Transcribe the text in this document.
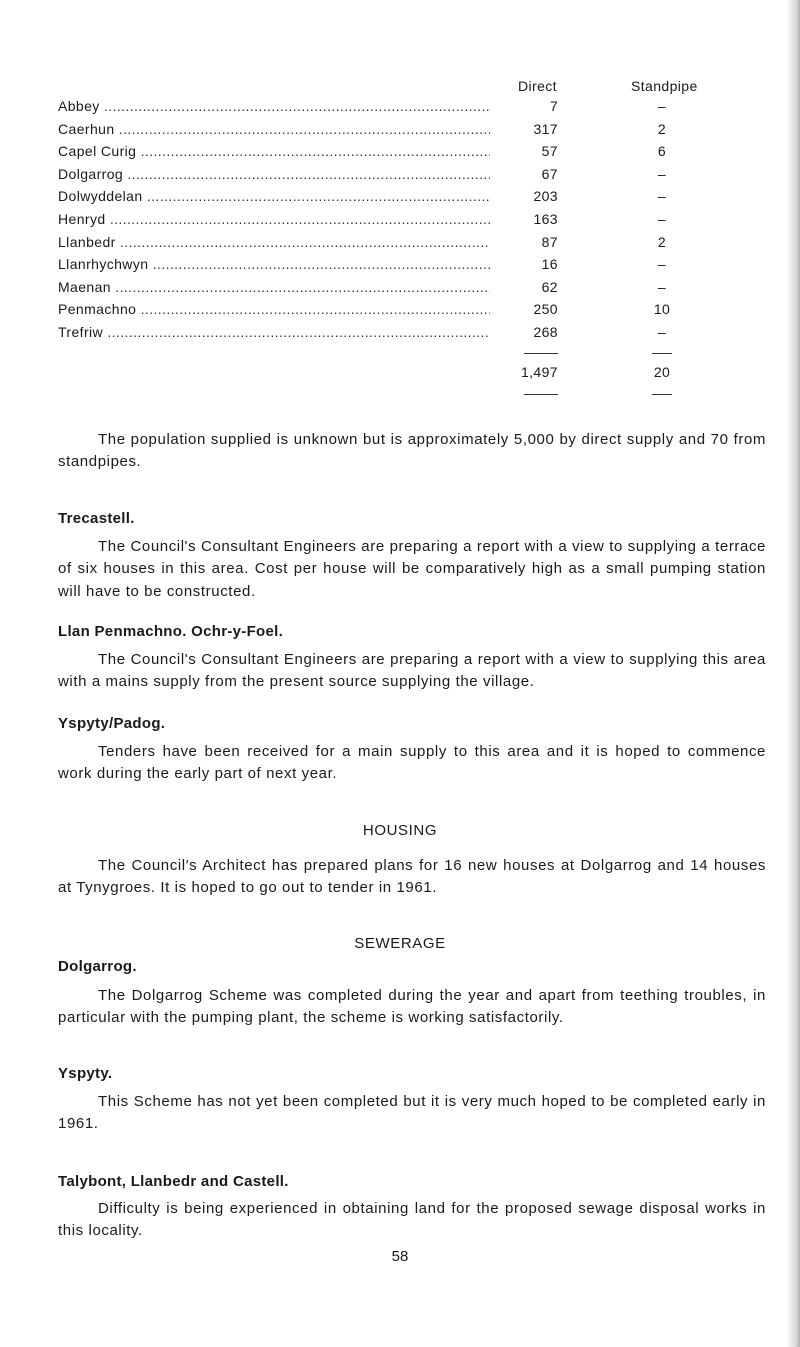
Direct	Standpipe
Abbey .....	7	–
Caerhun .....	317	2
Capel Curig .....	57	6
Dolgarrog .....	67	–
Dolwyddelan .....	203	–
Henryd .....	163	–
Llanbedr .....	87	2
Llanrhychwyn .....	16	–
Maenan .....	62	–
Penmachno .....	250	10
Trefriw .....	268	–
1,497	20

The population supplied is unknown but is approximately 5,000 by direct supply and 70 from standpipes.

Trecastell.

The Council's Consultant Engineers are preparing a report with a view to supplying a terrace of six houses in this area. Cost per house will be comparatively high as a small pumping station will have to be constructed.

Llan Penmachno. Ochr-y-Foel.

The Council's Consultant Engineers are preparing a report with a view to supplying this area with a mains supply from the present source supplying the village.

Yspyty/Padog.

Tenders have been received for a main supply to this area and it is hoped to commence work during the early part of next year.

HOUSING

The Council's Architect has prepared plans for 16 new houses at Dolgarrog and 14 houses at Tynygroes. It is hoped to go out to tender in 1961.

SEWERAGE

Dolgarrog.

The Dolgarrog Scheme was completed during the year and apart from teething troubles, in particular with the pumping plant, the scheme is working satisfactorily.

Yspyty.

This Scheme has not yet been completed but it is very much hoped to be completed early in 1961.

Talybont, Llanbedr and Castell.

Difficulty is being experienced in obtaining land for the proposed sewage disposal works in this locality.

58
